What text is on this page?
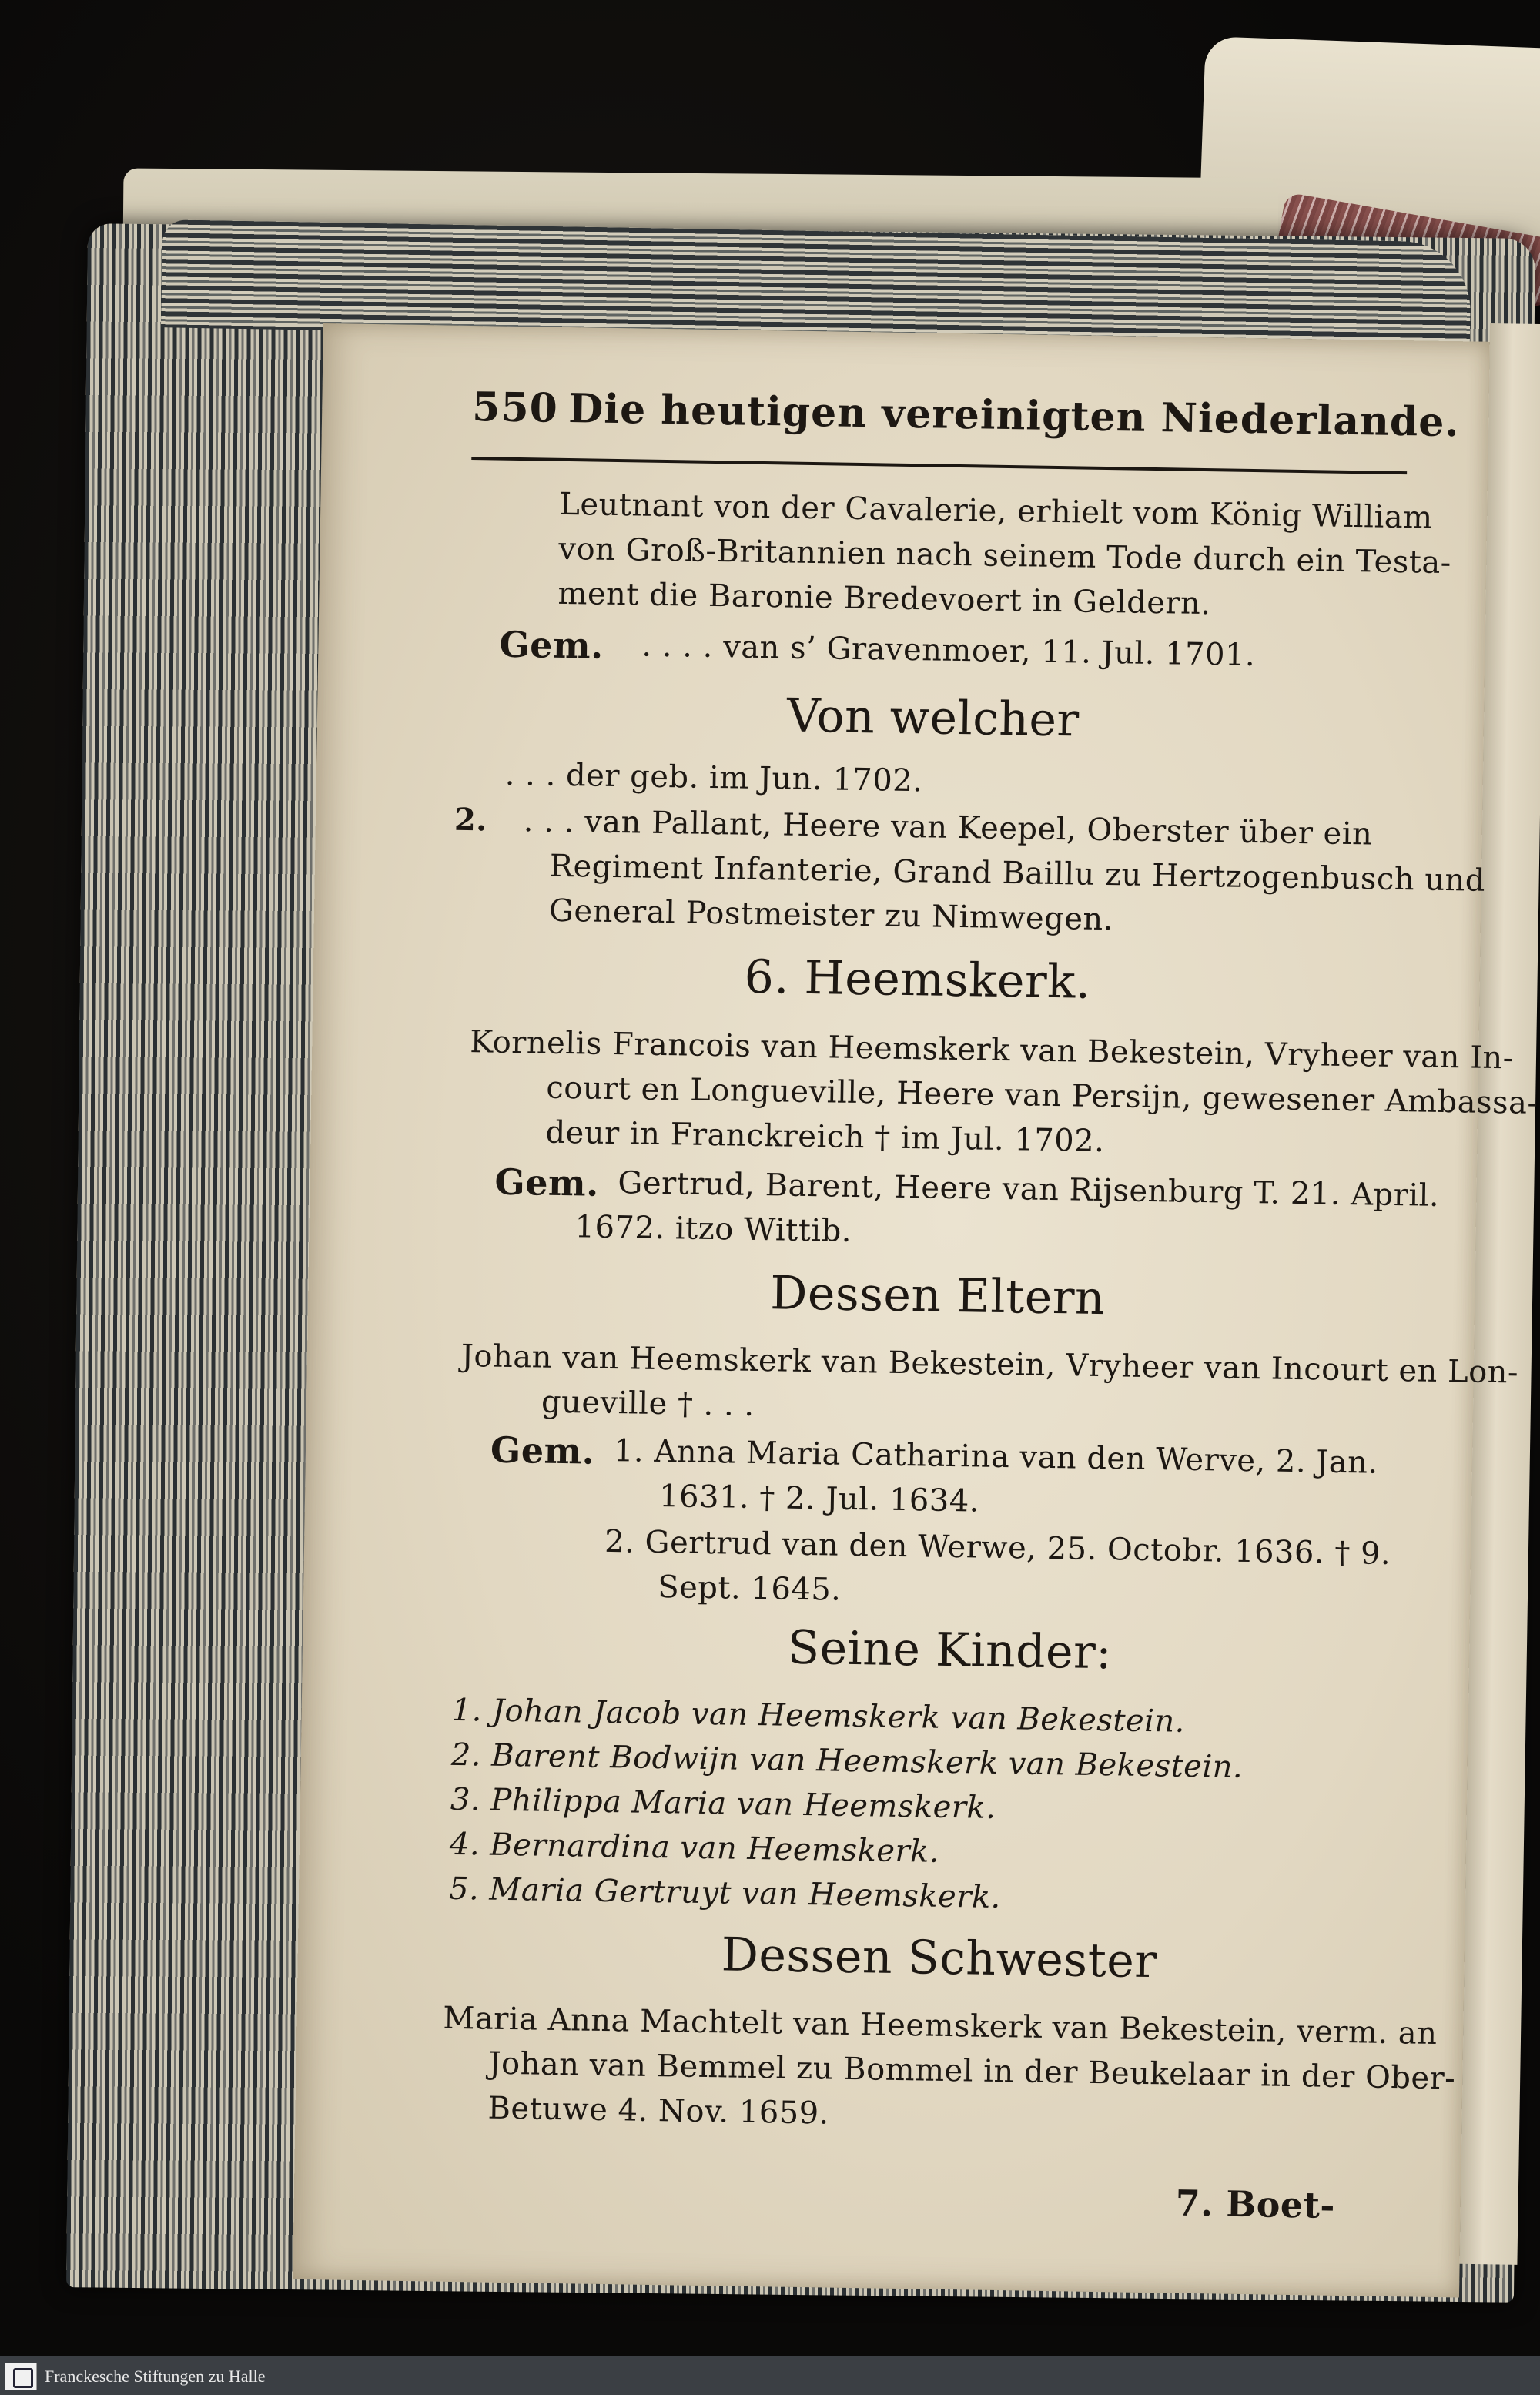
550 Die heutigen vereinigten Niederlande.
Leutnant von der Cavalerie, erhielt vom König William
von Groß-Britannien nach seinem Tode durch ein Testa-
ment die Baronie Bredevoert in Geldern.
Gem. . . . . van s’ Gravenmoer, 11. Jul. 1701.
Von welcher
. . . der geb. im Jun. 1702.
2. . . . van Pallant, Heere van Keepel, Oberster über ein
Regiment Infanterie, Grand Baillu zu Hertzogenbusch und
General Postmeister zu Nimwegen.
6. Heemskerk.
Kornelis Francois van Heemskerk van Bekestein, Vryheer van In-
court en Longueville, Heere van Persijn, gewesener Ambassa-
deur in Franckreich † im Jul. 1702.
Gem. Gertrud, Barent, Heere van Rijsenburg T. 21. April.
1672. itzo Wittib.
Dessen Eltern
Johan van Heemskerk van Bekestein, Vryheer van Incourt en Lon-
gueville † . . .
Gem. 1. Anna Maria Catharina van den Werve, 2. Jan.
1631. † 2. Jul. 1634.
2. Gertrud van den Werwe, 25. Octobr. 1636. † 9.
Sept. 1645.
Seine Kinder:
1. Johan Jacob van Heemskerk van Bekestein.
2. Barent Bodwijn van Heemskerk van Bekestein.
3. Philippa Maria van Heemskerk.
4. Bernardina van Heemskerk.
5. Maria Gertruyt van Heemskerk.
Dessen Schwester
Maria Anna Machtelt van Heemskerk van Bekestein, verm. an
Johan van Bemmel zu Bommel in der Beukelaar in der Ober-
Betuwe 4. Nov. 1659.
7. Boet-
Franckesche Stiftungen zu Halle
